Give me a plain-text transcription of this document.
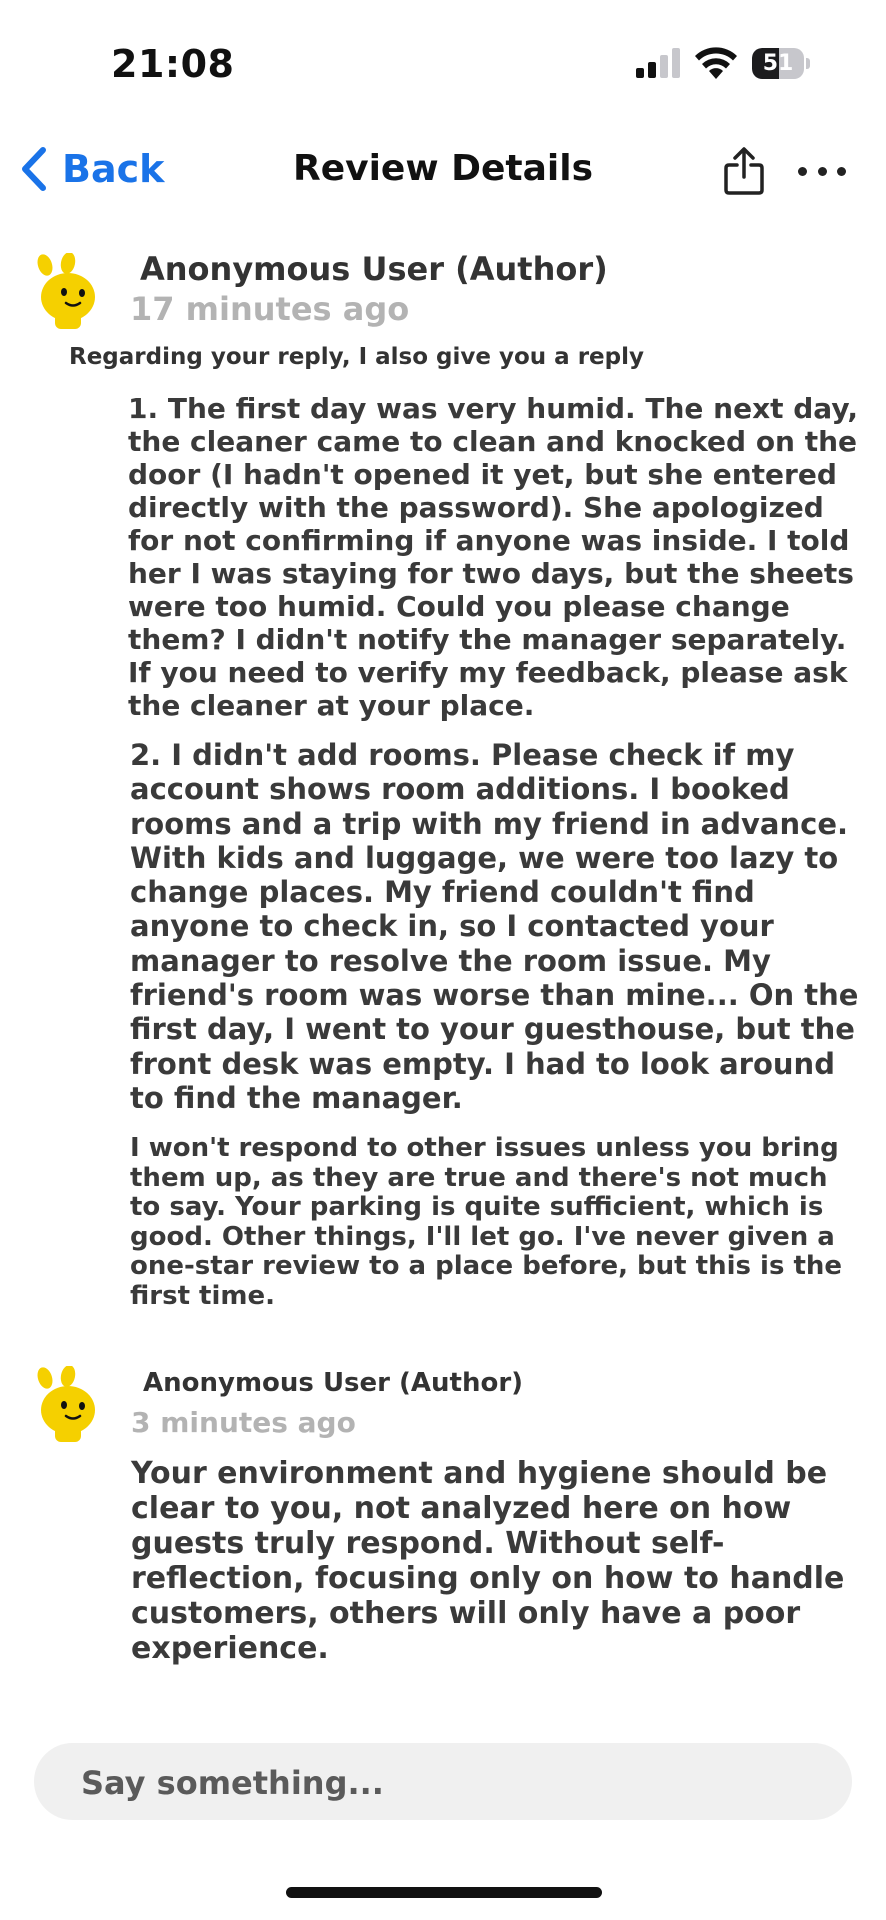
21:08	51
Review Details
Back
Anonymous User (Author)
17 minutes ago
Regarding your reply, I also give you a reply
1. The first day was very humid. The next day, the cleaner came to clean and knocked on the door (I hadn't opened it yet, but she entered directly with the password). She apologized for not confirming if anyone was inside. I told her I was staying for two days, but the sheets were too humid. Could you please change them? I didn't notify the manager separately. If you need to verify my feedback, please ask the cleaner at your place.
2. I didn't add rooms. Please check if my account shows room additions. I booked rooms and a trip with my friend in advance. With kids and luggage, we were too lazy to change places. My friend couldn't find anyone to check in, so I contacted your manager to resolve the room issue. My friend's room was worse than mine... On the first day, I went to your guesthouse, but the front desk was empty. I had to look around to find the manager.
I won't respond to other issues unless you bring them up, as they are true and there's not much to say. Your parking is quite sufficient, which is good. Other things, I'll let go. I've never given a one-star review to a place before, but this is the first time.
Anonymous User (Author)
3 minutes ago
Your environment and hygiene should be clear to you, not analyzed here on how guests truly respond. Without self-reflection, focusing only on how to handle customers, others will only have a poor experience.
Say something...
